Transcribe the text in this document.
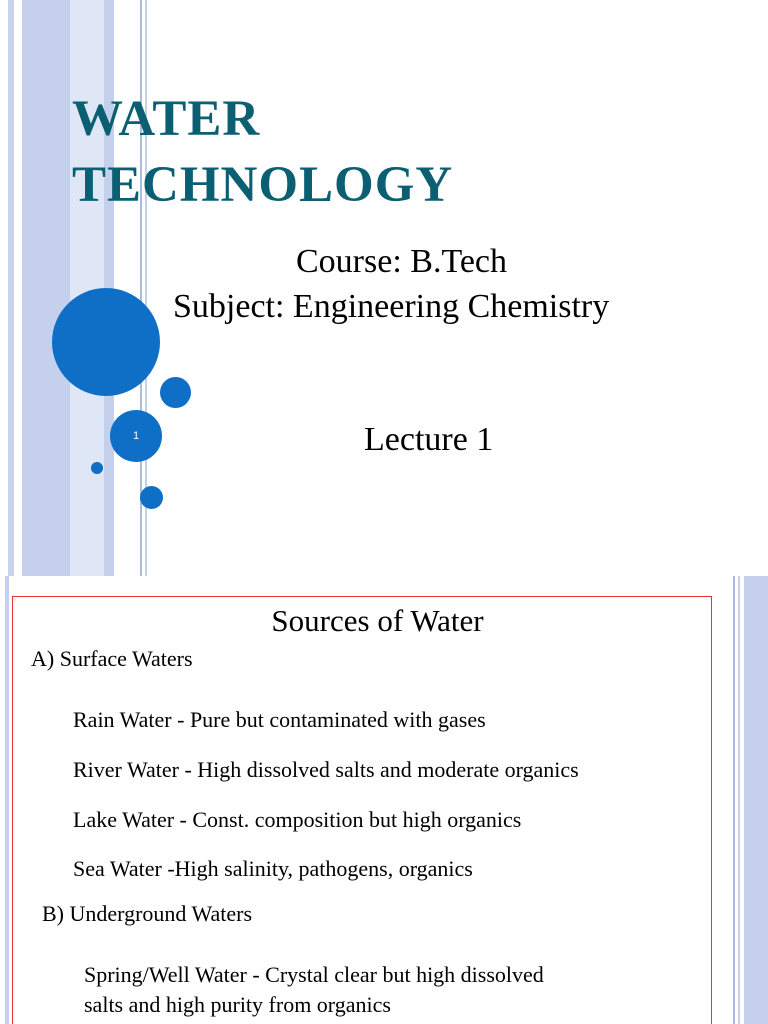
1
WATER
TECHNOLOGY

Course: B.Tech

Subject: Engineering Chemistry

Lecture 1

Sources of Water

A) Surface Waters

Rain Water - Pure but contaminated with gases

River Water - High dissolved salts and moderate organics

Lake Water - Const. composition but high organics

Sea Water -High salinity, pathogens, organics

B) Underground Waters

Spring/Well Water - Crystal clear but high dissolved

salts and high purity from organics
